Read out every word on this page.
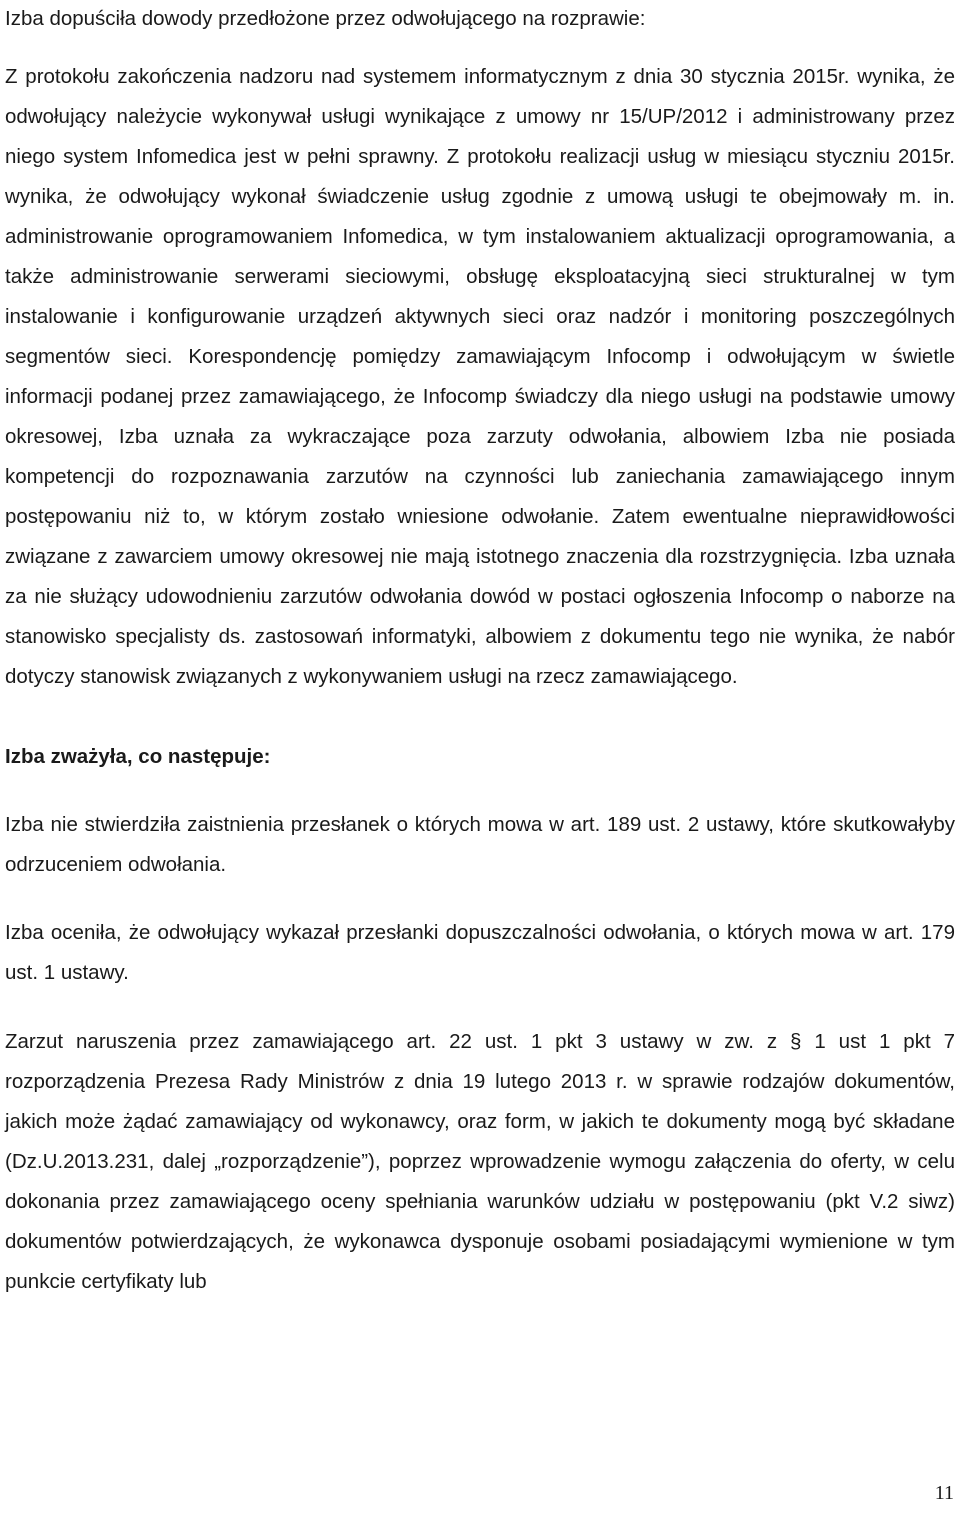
Izba dopuściła dowody przedłożone przez odwołującego na rozprawie:

Z protokołu zakończenia nadzoru nad systemem informatycznym z dnia 30 stycznia 2015r. wynika, że odwołujący należycie wykonywał usługi wynikające z umowy nr 15/UP/2012 i administrowany przez niego system Infomedica jest w pełni sprawny. Z protokołu realizacji usług w miesiącu styczniu 2015r. wynika, że odwołujący wykonał świadczenie usług zgodnie z umową usługi te obejmowały m. in. administrowanie oprogramowaniem Infomedica, w tym instalowaniem aktualizacji oprogramowania, a także administrowanie serwerami sieciowymi, obsługę eksploatacyjną sieci strukturalnej w tym instalowanie i konfigurowanie urządzeń aktywnych sieci oraz nadzór i monitoring poszczególnych segmentów sieci. Korespondencję pomiędzy zamawiającym Infocomp i odwołującym w świetle informacji podanej przez zamawiającego, że Infocomp świadczy dla niego usługi na podstawie umowy okresowej, Izba uznała za wykraczające poza zarzuty odwołania, albowiem Izba nie posiada kompetencji do rozpoznawania zarzutów na czynności lub zaniechania zamawiającego innym postępowaniu niż to, w którym zostało wniesione odwołanie. Zatem ewentualne nieprawidłowości związane z zawarciem umowy okresowej nie mają istotnego znaczenia dla rozstrzygnięcia. Izba uznała za nie służący udowodnieniu zarzutów odwołania dowód w postaci ogłoszenia Infocomp o naborze na stanowisko specjalisty ds. zastosowań informatyki, albowiem z dokumentu tego nie wynika, że nabór dotyczy stanowisk związanych z wykonywaniem usługi na rzecz zamawiającego.

Izba zważyła, co następuje:

Izba nie stwierdziła zaistnienia przesłanek o których mowa w art. 189 ust. 2 ustawy, które skutkowałyby odrzuceniem odwołania.

Izba oceniła, że odwołujący wykazał przesłanki dopuszczalności odwołania, o których mowa w art. 179 ust. 1 ustawy.

Zarzut naruszenia przez zamawiającego art. 22 ust. 1 pkt 3 ustawy w zw. z § 1 ust 1 pkt 7 rozporządzenia Prezesa Rady Ministrów z dnia 19 lutego 2013 r. w sprawie rodzajów dokumentów, jakich może żądać zamawiający od wykonawcy, oraz form, w jakich te dokumenty mogą być składane (Dz.U.2013.231, dalej „rozporządzenie”), poprzez wprowadzenie wymogu załączenia do oferty, w celu dokonania przez zamawiającego oceny spełniania warunków udziału w postępowaniu (pkt V.2 siwz) dokumentów potwierdzających, że wykonawca dysponuje osobami posiadającymi wymienione w tym punkcie certyfikaty lub

11
